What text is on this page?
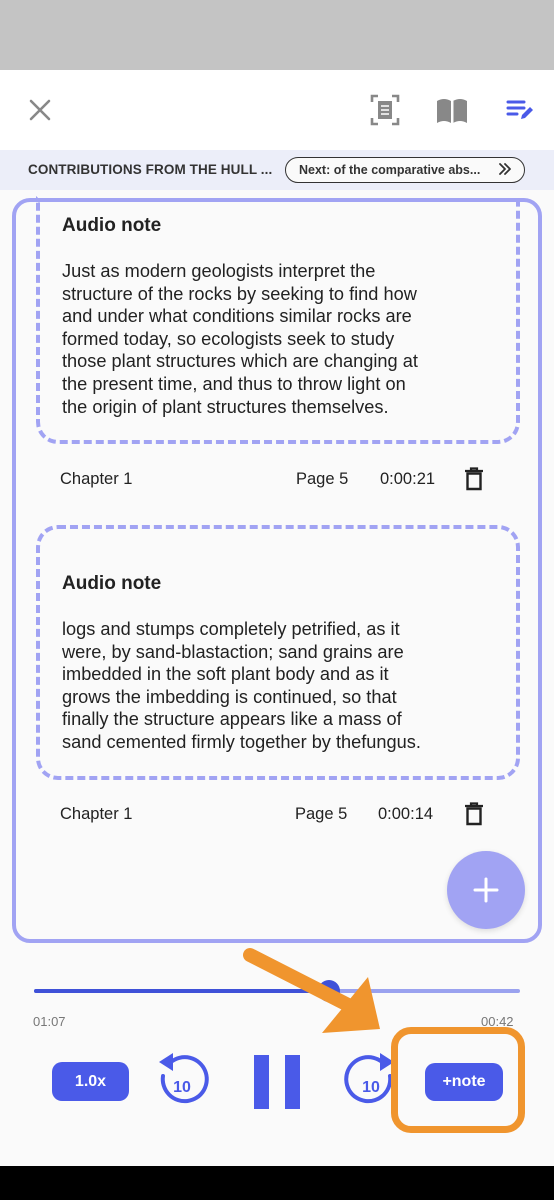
CONTRIBUTIONS FROM THE HULL ... Next: of the comparative abs...
Audio note
Just as modern geologists interpret the
structure of the rocks by seeking to find how
and under what conditions similar rocks are
formed today, so ecologists seek to study
those plant structures which are changing at
the present time, and thus to throw light on
the origin of plant structures themselves.
Chapter 1	Page 5 0:00:21
Audio note
logs and stumps completely petrified, as it
were, by sand-blastaction; sand grains are
imbedded in the soft plant body and as it
grows the imbedding is continued, so that
finally the structure appears like a mass of
sand cemented firmly together by thefungus.
Chapter 1	Page 5 0:00:14
01:07	00:42
1.0x	10	10	+note
